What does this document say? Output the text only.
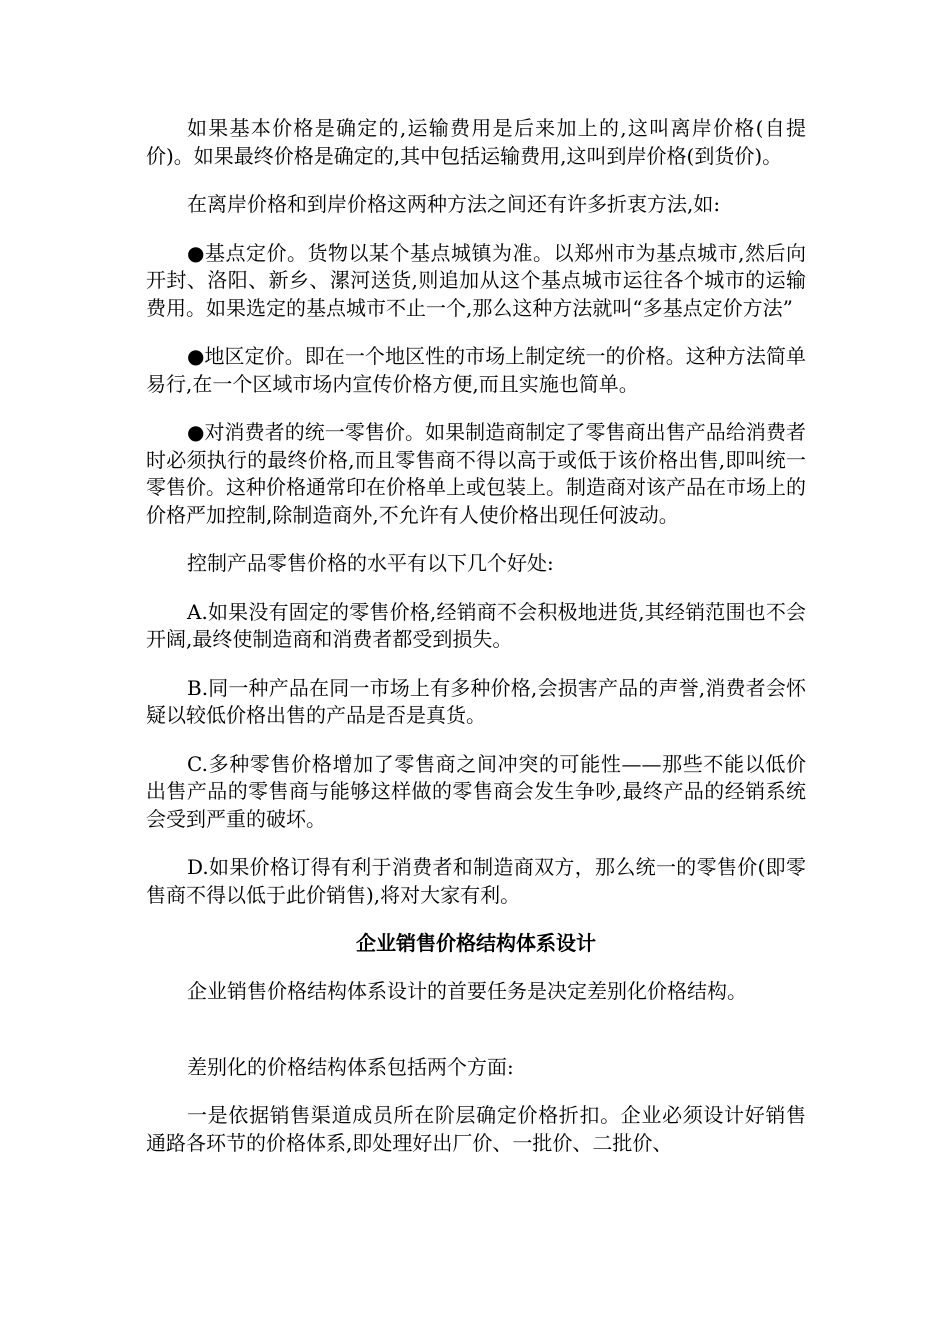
如果基本价格是确定的,运输费用是后来加上的,这叫离岸价格(自提价)。如果最终价格是确定的,其中包括运输费用,这叫到岸价格(到货价)。

在离岸价格和到岸价格这两种方法之间还有许多折衷方法,如:

●基点定价。货物以某个基点城镇为准。以郑州市为基点城市,然后向开封、洛阳、新乡、漯河送货,则追加从这个基点城市运往各个城市的运输费用。如果选定的基点城市不止一个,那么这种方法就叫“多基点定价方法”

●地区定价。即在一个地区性的市场上制定统一的价格。这种方法简单易行,在一个区域市场内宣传价格方便,而且实施也简单。

●对消费者的统一零售价。如果制造商制定了零售商出售产品给消费者时必须执行的最终价格,而且零售商不得以高于或低于该价格出售,即叫统一零售价。这种价格通常印在价格单上或包装上。制造商对该产品在市场上的价格严加控制,除制造商外,不允许有人使价格出现任何波动。

控制产品零售价格的水平有以下几个好处:

A.如果没有固定的零售价格,经销商不会积极地进货,其经销范围也不会开阔,最终使制造商和消费者都受到损失。

B.同一种产品在同一市场上有多种价格,会损害产品的声誉,消费者会怀疑以较低价格出售的产品是否是真货。

C.多种零售价格增加了零售商之间冲突的可能性——那些不能以低价出售产品的零售商与能够这样做的零售商会发生争吵,最终产品的经销系统会受到严重的破坏。

D.如果价格订得有利于消费者和制造商双方，那么统一的零售价(即零售商不得以低于此价销售),将对大家有利。

企业销售价格结构体系设计

企业销售价格结构体系设计的首要任务是决定差别化价格结构。

差别化的价格结构体系包括两个方面:

一是依据销售渠道成员所在阶层确定价格折扣。企业必须设计好销售通路各环节的价格体系,即处理好出厂价、一批价、二批价、
